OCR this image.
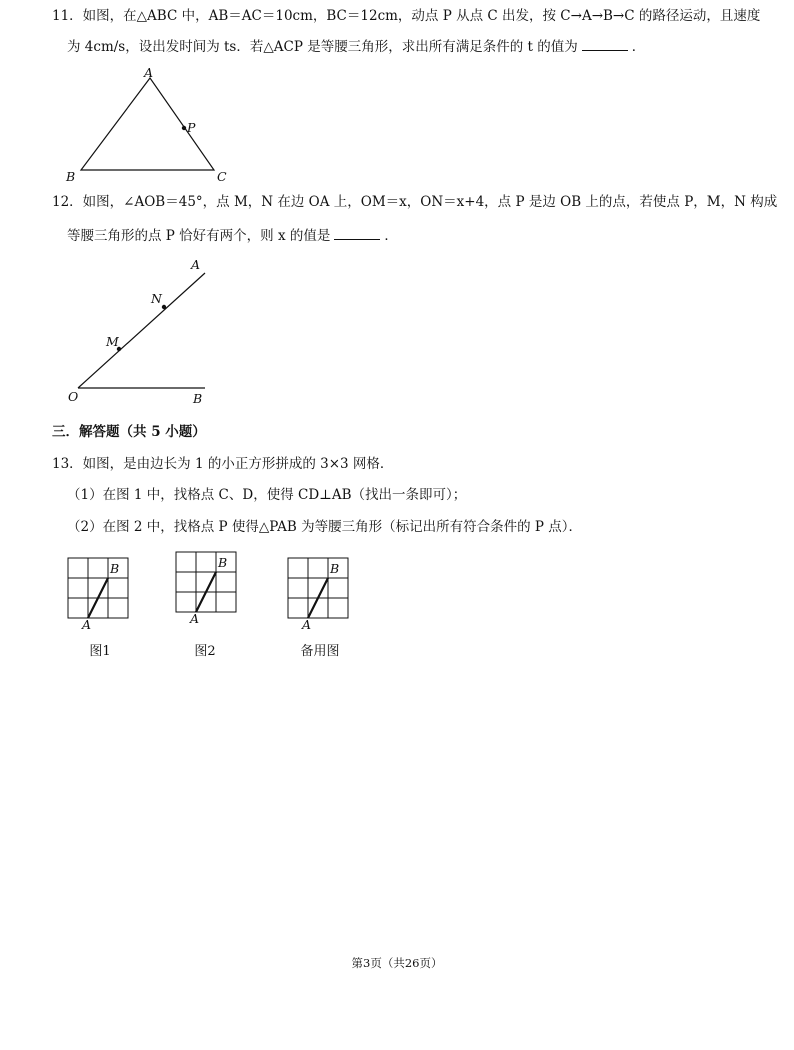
11．如图，在△ABC 中，AB＝AC＝10cm，BC＝12cm，动点 P 从点 C 出发，按 C→A→B→C 的路径运动，且速度
为 4cm/s，设出发时间为 ts．若△ACP 是等腰三角形，求出所有满足条件的 t 的值为	．
A
B	C
P
12．如图，∠AOB＝45°，点 M，N 在边 OA 上，OM＝x，ON＝x+4，点 P 是边 OB 上的点，若使点 P，M，N 构成
等腰三角形的点 P 恰好有两个，则 x 的值是	．
A
N
M
O	B
三．解答题（共 5 小题）
13．如图，是由边长为 1 的小正方形拼成的 3×3 网格．
（1）在图 1 中，找格点 C、D，使得 CD⊥AB（找出一条即可）；
（2）在图 2 中，找格点 P 使得△PAB 为等腰三角形（标记出所有符合条件的 P 点）．
B
A
图1
B
A
图2
B
A
备用图
第3页（共26页）
